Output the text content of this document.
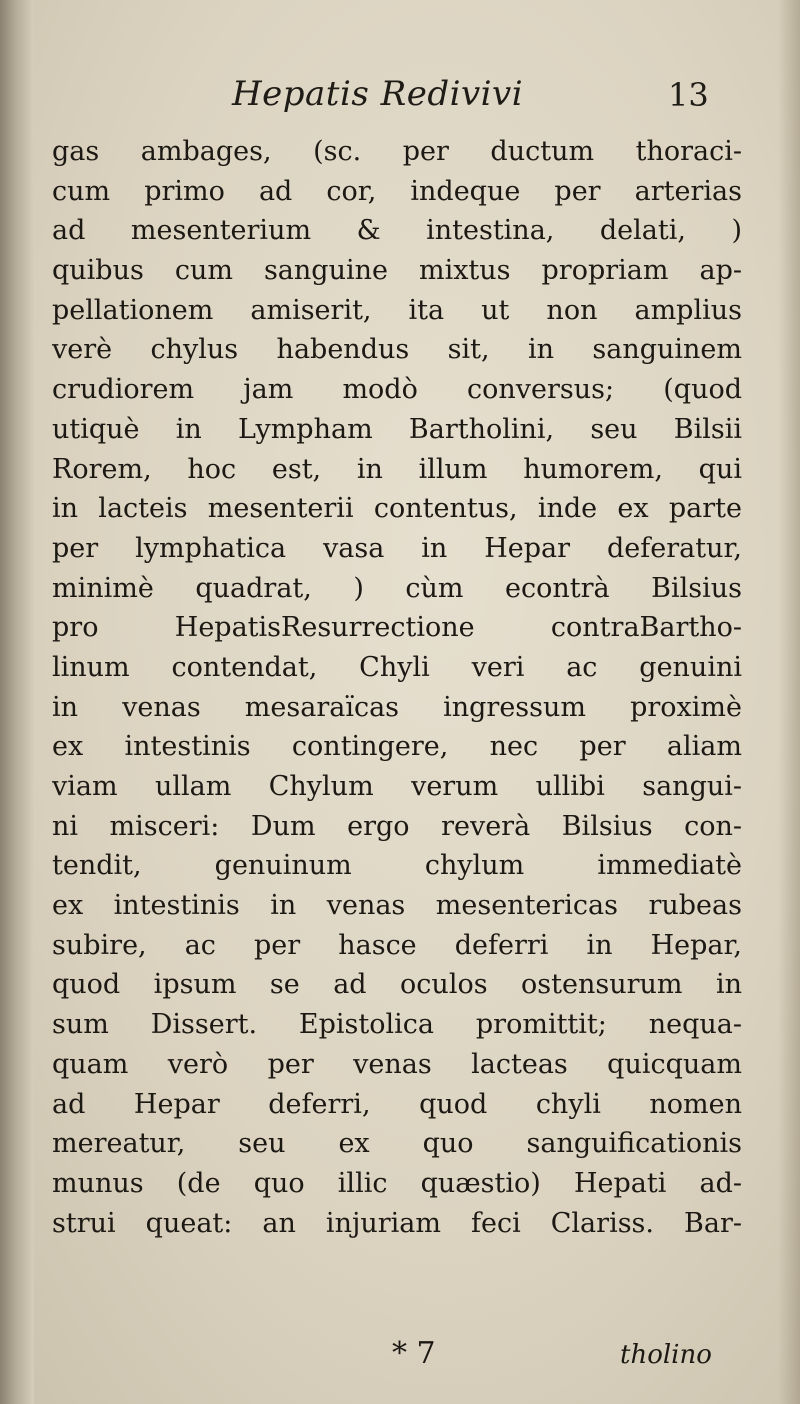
Hepatis Redivivi	13
gas ambages, (sc. per ductum thoraci-
cum primo ad cor, indeque per arterias
ad mesenterium & intestina, delati, )
quibus cum sanguine mixtus propriam ap-
pellationem amiserit, ita ut non amplius
verè chylus habendus sit, in sanguinem
crudiorem jam modò conversus; (quod
utiquè in Lympham Bartholini, seu Bilsii
Rorem, hoc est, in illum humorem, qui
in lacteis mesenterii contentus, inde ex parte
per lymphatica vasa in Hepar deferatur,
minimè quadrat, ) cùm econtrà Bilsius
pro HepatisResurrectione contraBartho-
linum contendat, Chyli veri ac genuini
in venas mesaraïcas ingressum proximè
ex intestinis contingere, nec per aliam
viam ullam Chylum verum ullibi sangui-
ni misceri: Dum ergo reverà Bilsius con-
tendit, genuinum chylum immediatè
ex intestinis in venas mesentericas rubeas
subire, ac per hasce deferri in Hepar,
quod ipsum se ad oculos ostensurum in
sum Dissert. Epistolica promittit; nequa-
quam verò per venas lacteas quicquam
ad Hepar deferri, quod chyli nomen
mereatur, seu ex quo sanguificationis
munus (de quo illic quæstio) Hepati ad-
strui queat: an injuriam feci Clariss. Bar-
* 7	tholino
